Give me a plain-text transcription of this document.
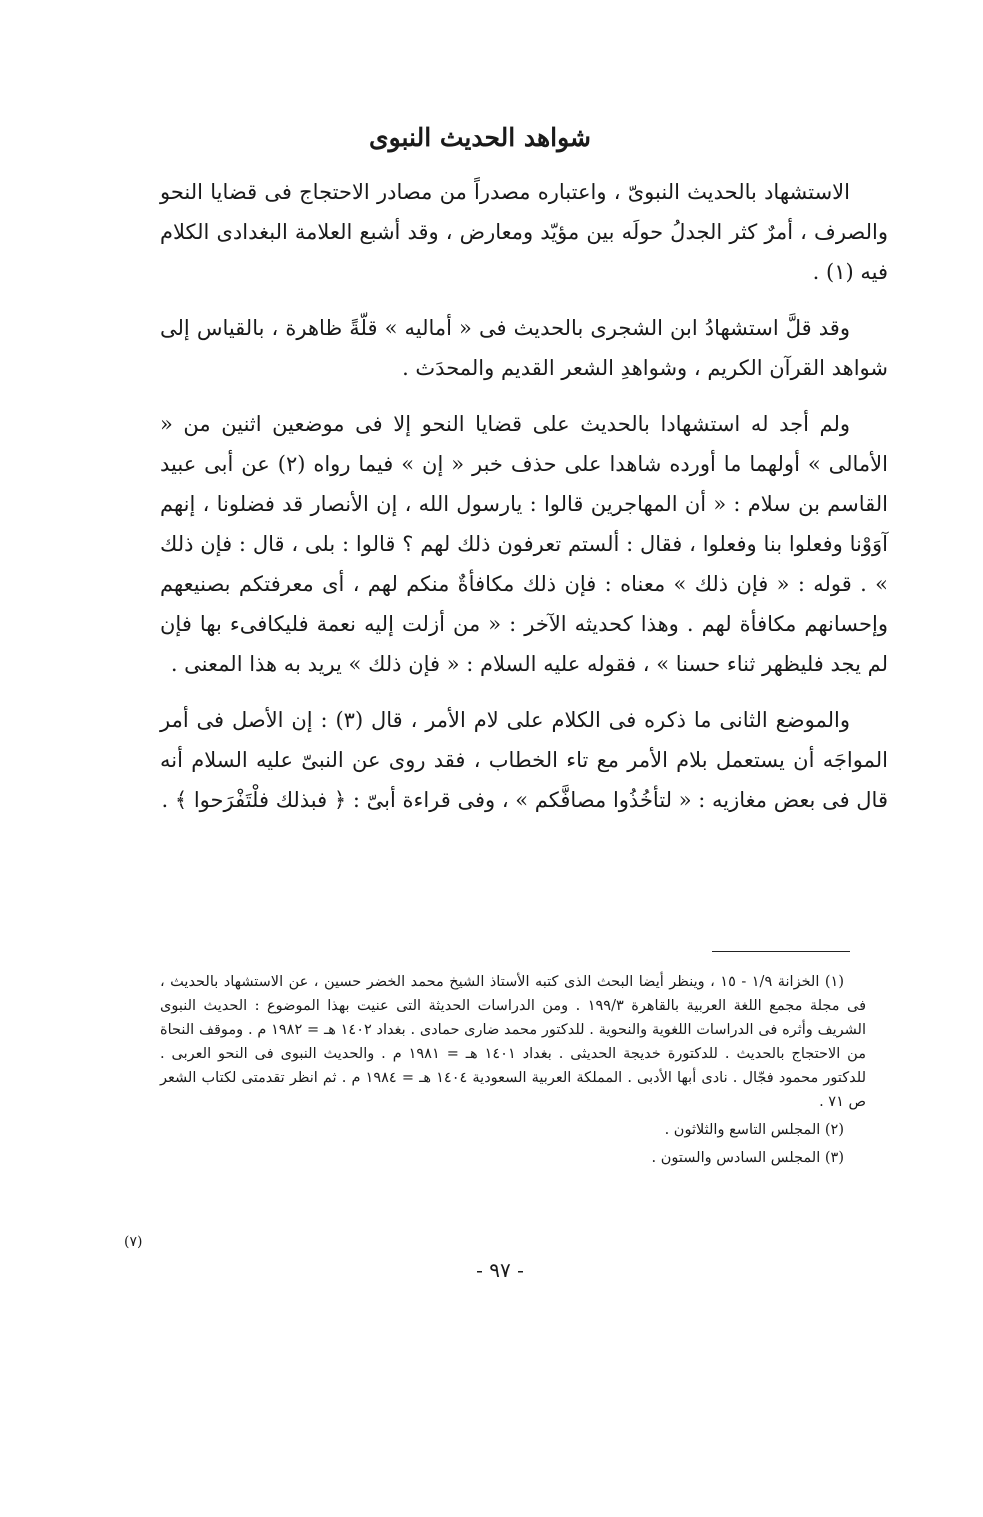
شواهد الحديث النبوى

الاستشهاد بالحديث النبوىّ ، واعتباره مصدراً من مصادر الاحتجاج فى قضايا النحو والصرف ، أمرٌ كثر الجدلُ حولَه بين مؤيّد ومعارض ، وقد أشبع العلامة البغدادى الكلام فيه (١) .

وقد قلَّ استشهادُ ابن الشجرى بالحديث فى « أماليه » قلّةً ظاهرة ، بالقياس إلى شواهد القرآن الكريم ، وشواهدِ الشعر القديم والمحدَث .

ولم أجد له استشهادا بالحديث على قضايا النحو إلا فى موضعين اثنين من « الأمالى » أولهما ما أورده شاهدا على حذف خبر « إن » فيما رواه (٢) عن أبى عبيد القاسم بن سلام : « أن المهاجرين قالوا : يارسول الله ، إن الأنصار قد فضلونا ، إنهم آوَوْنا وفعلوا بنا وفعلوا ، فقال : ألستم تعرفون ذلك لهم ؟ قالوا : بلى ، قال : فإن ذلك » . قوله : « فإن ذلك » معناه : فإن ذلك مكافأةٌ منكم لهم ، أى معرفتكم بصنيعهم وإحسانهم مكافأة لهم . وهذا كحديثه الآخر : « من أزلت إليه نعمة فليكافىء بها فإن لم يجد فليظهر ثناء حسنا » ، فقوله عليه السلام : « فإن ذلك » يريد به هذا المعنى .

والموضع الثانى ما ذكره فى الكلام على لام الأمر ، قال (٣) : إن الأصل فى أمر المواجَه أن يستعمل بلام الأمر مع تاء الخطاب ، فقد روى عن النبىّ عليه السلام أنه قال فى بعض مغازيه : « لتأخُذُوا مصافَّكم » ، وفى قراءة أبىّ : ﴿ فبذلك فلْتَفْرَحوا ﴾ .

(١) الخزانة ١/٩ - ١٥ ، وينظر أيضا البحث الذى كتبه الأستاذ الشيخ محمد الخضر حسين ، عن الاستشهاد بالحديث ، فى مجلة مجمع اللغة العربية بالقاهرة ١٩٩/٣ . ومن الدراسات الحديثة التى عنيت بهذا الموضوع : الحديث النبوى الشريف وأثره فى الدراسات اللغوية والنحوية . للدكتور محمد ضارى حمادى . بغداد ١٤٠٢ هـ = ١٩٨٢ م . وموقف النحاة من الاحتجاج بالحديث . للدكتورة خديجة الحديثى . بغداد ١٤٠١ هـ = ١٩٨١ م . والحديث النبوى فى النحو العربى . للدكتور محمود فجّال . نادى أبها الأدبى . المملكة العربية السعودية ١٤٠٤ هـ = ١٩٨٤ م . ثم انظر تقدمتى لكتاب الشعر ص ٧١ .

(٢) المجلس التاسع والثلاثون .

(٣) المجلس السادس والستون .

(٧)
- ٩٧ -
